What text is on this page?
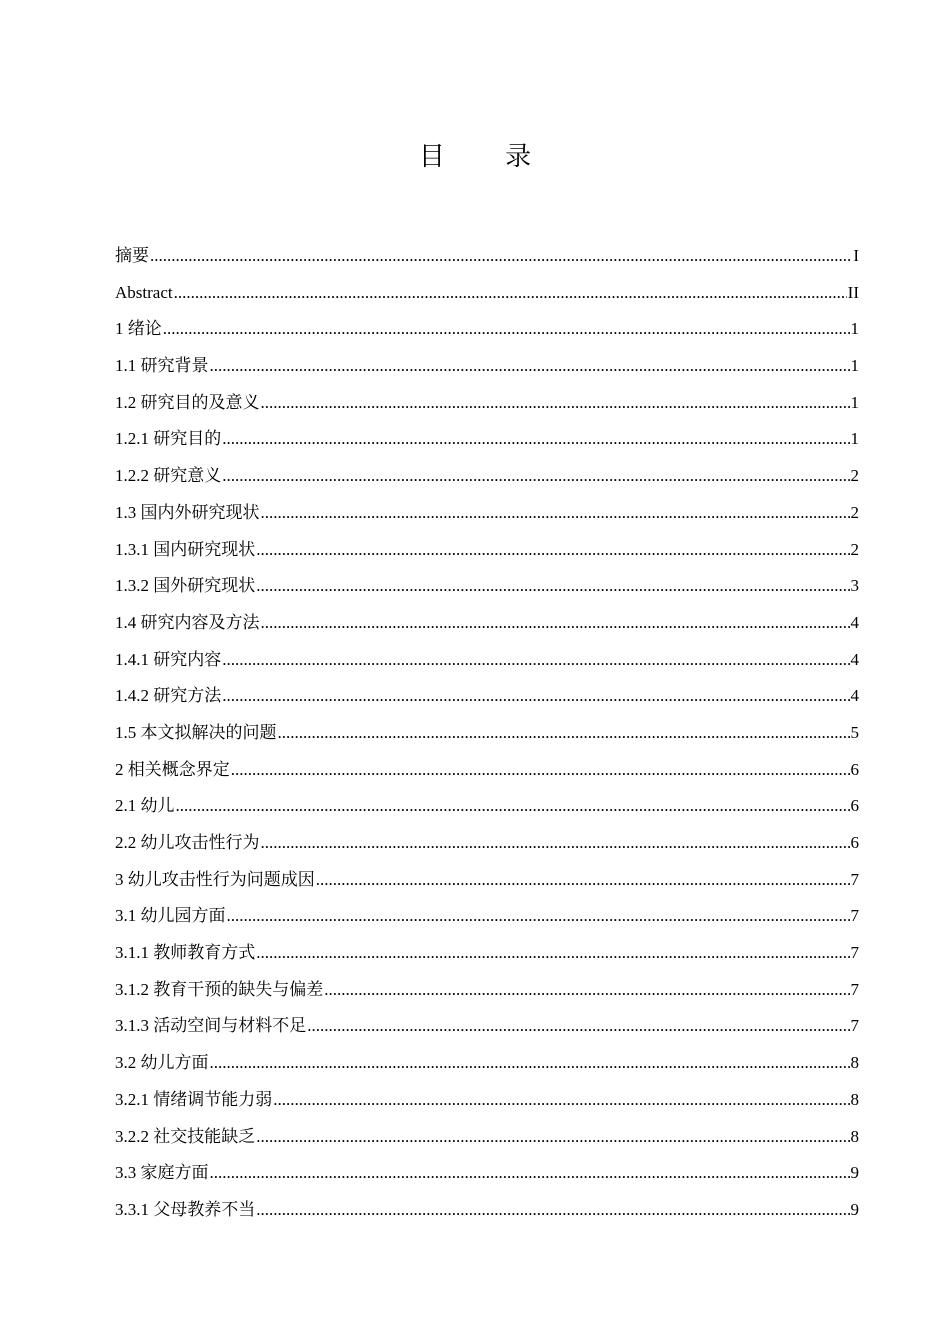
目 录
摘要 .....	I
Abstract .....	II
1 绪论 .....	1
1.1 研究背景 .....	1
1.2 研究目的及意义 .....	1
1.2.1 研究目的 .....	1
1.2.2 研究意义 .....	2
1.3 国内外研究现状 .....	2
1.3.1 国内研究现状 .....	2
1.3.2 国外研究现状 .....	3
1.4 研究内容及方法 .....	4
1.4.1 研究内容 .....	4
1.4.2 研究方法 .....	4
1.5 本文拟解决的问题 .....	5
2 相关概念界定 .....	6
2.1 幼儿 .....	6
2.2 幼儿攻击性行为 .....	6
3 幼儿攻击性行为问题成因 .....	7
3.1 幼儿园方面 .....	7
3.1.1 教师教育方式 .....	7
3.1.2 教育干预的缺失与偏差 .....	7
3.1.3 活动空间与材料不足 .....	7
3.2 幼儿方面 .....	8
3.2.1 情绪调节能力弱 .....	8
3.2.2 社交技能缺乏 .....	8
3.3 家庭方面 .....	9
3.3.1 父母教养不当 .....	9
